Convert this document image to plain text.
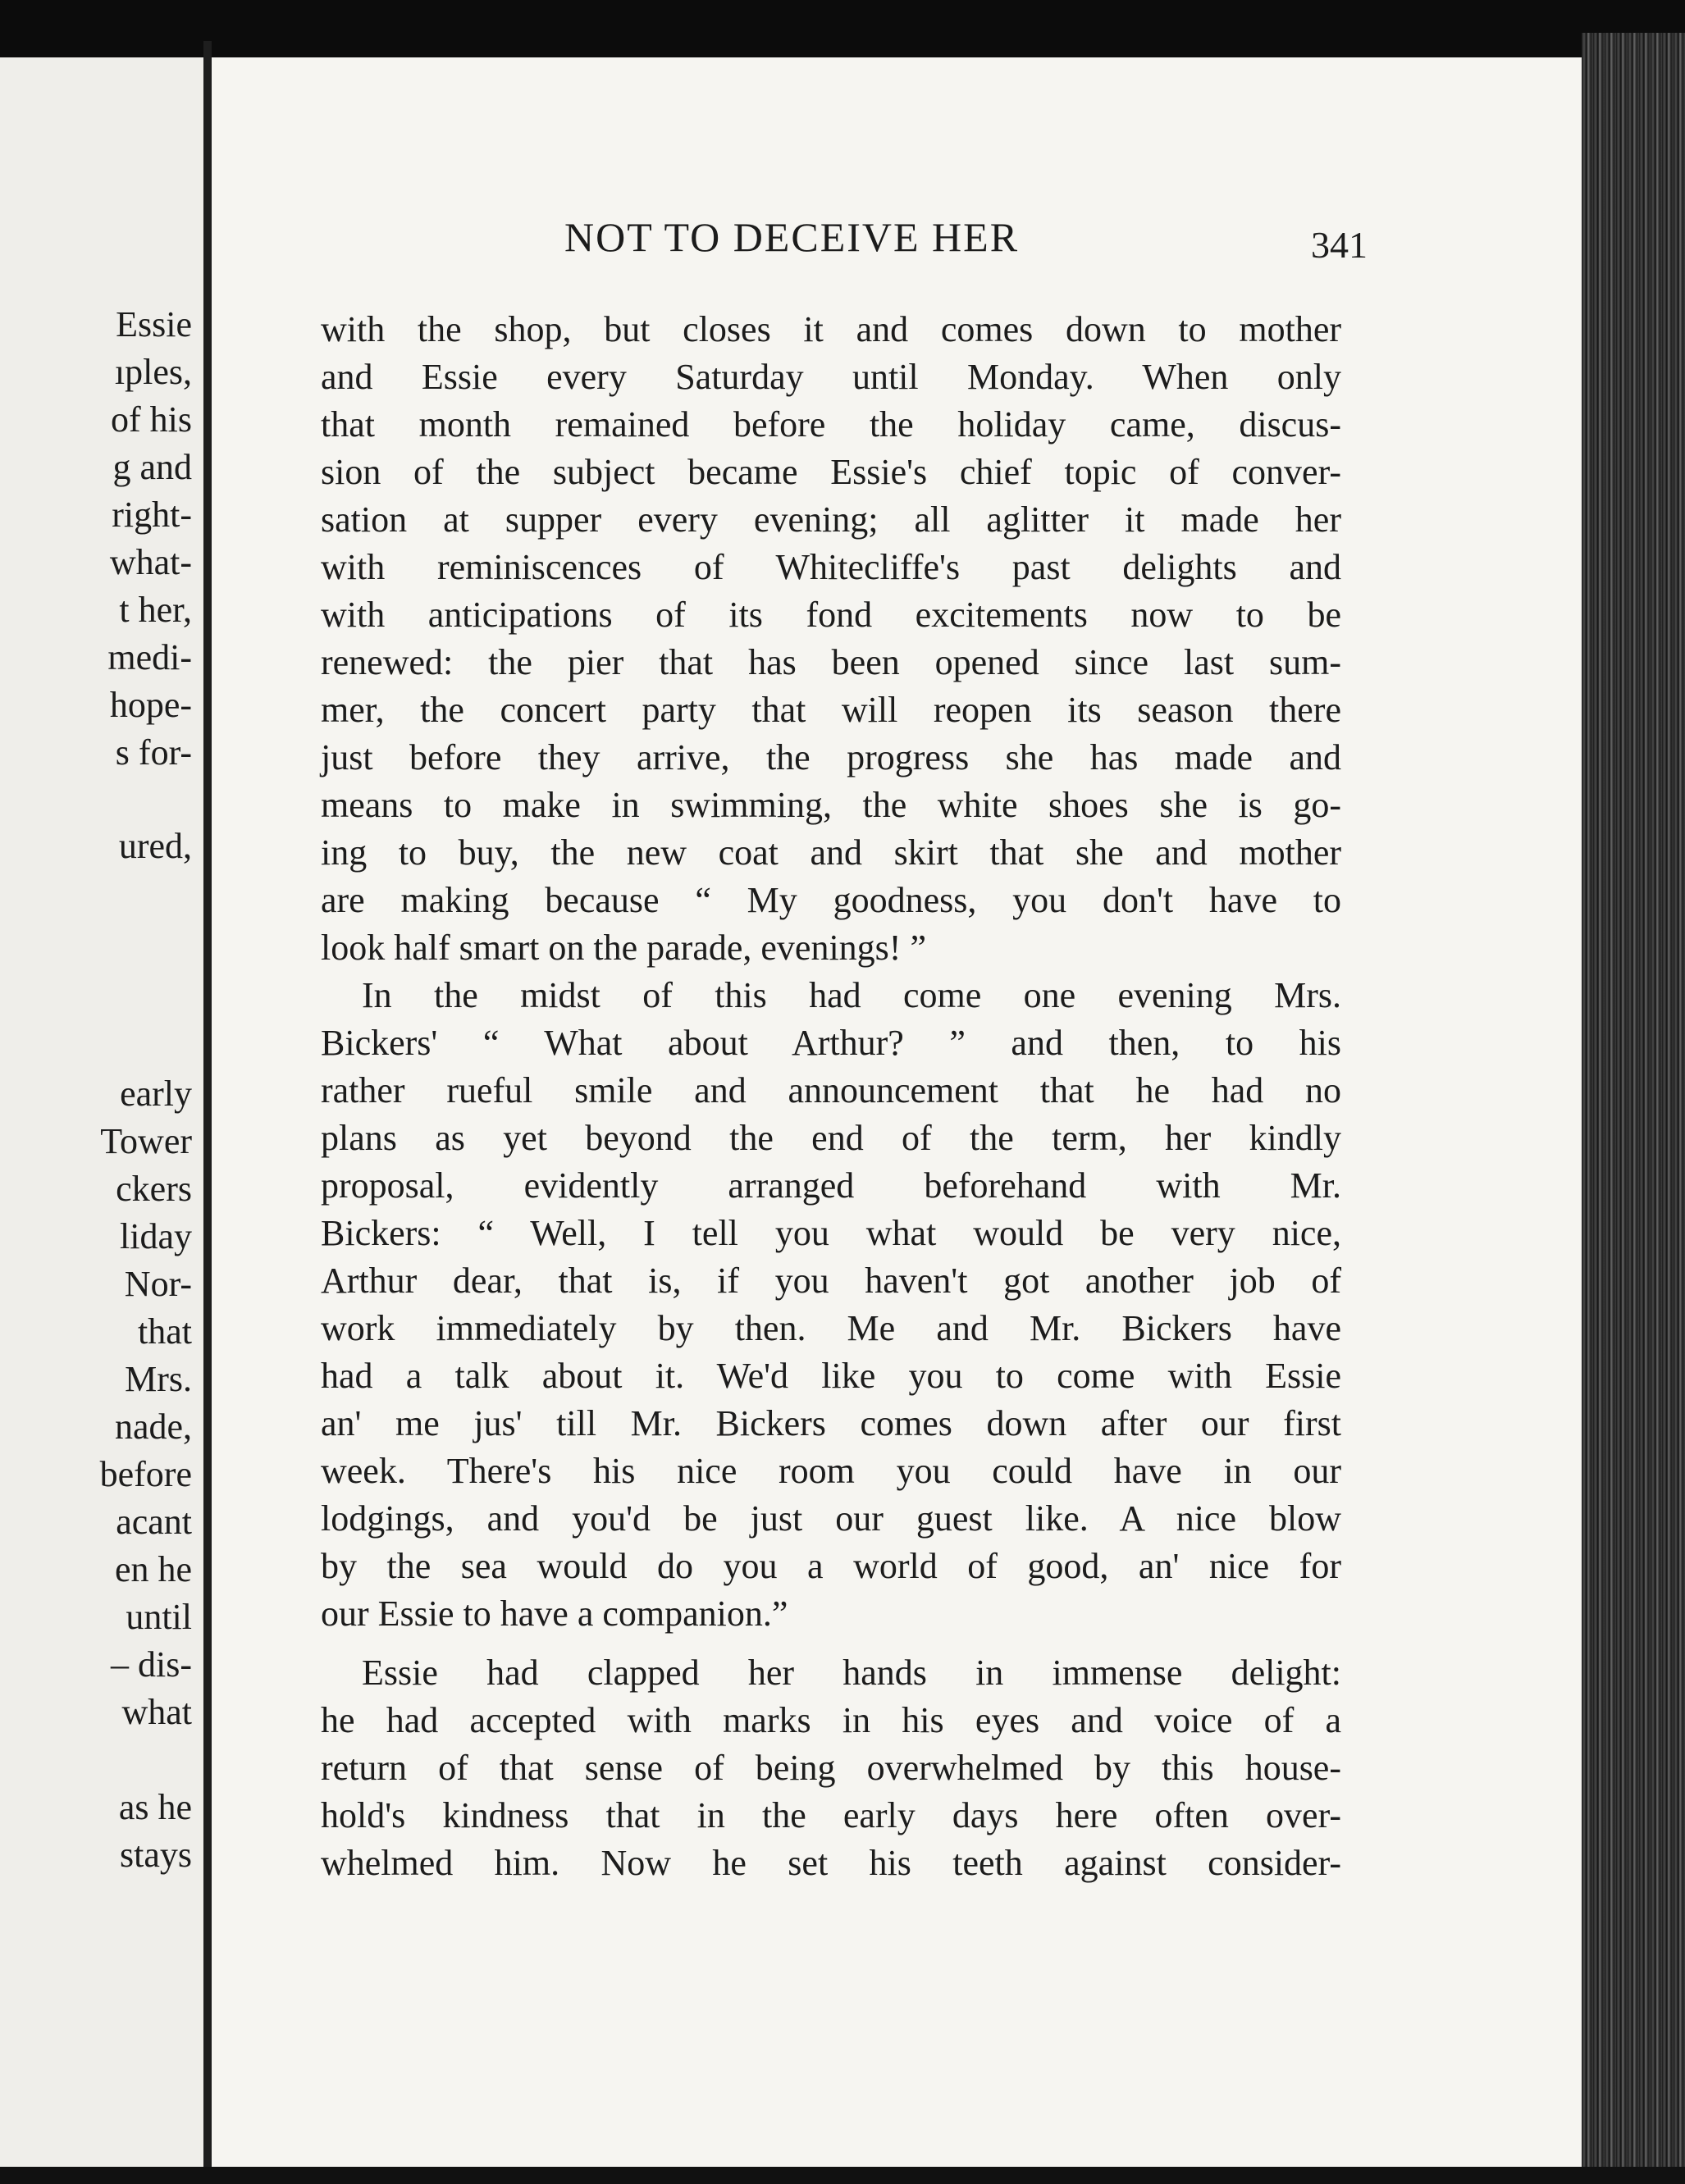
Essie
ıples,
of his
g and
right-
what-
t her,
medi-
hope-
s for-
ured,
early
Tower
ckers
liday
Nor-
that
Mrs.
nade,
before
acant
en he
until
– dis-
what
as he
stays
NOT TO DECEIVE HER	341
with the shop, but closes it and comes down to mother
and Essie every Saturday until Monday. When only
that month remained before the holiday came, discus-
sion of the subject became Essie's chief topic of conver-
sation at supper every evening; all aglitter it made her
with reminiscences of Whitecliffe's past delights and
with anticipations of its fond excitements now to be
renewed: the pier that has been opened since last sum-
mer, the concert party that will reopen its season there
just before they arrive, the progress she has made and
means to make in swimming, the white shoes she is go-
ing to buy, the new coat and skirt that she and mother
are making because “ My goodness, you don't have to
look half smart on the parade, evenings! ”
In the midst of this had come one evening Mrs.
Bickers' “ What about Arthur? ” and then, to his
rather rueful smile and announcement that he had no
plans as yet beyond the end of the term, her kindly
proposal, evidently arranged beforehand with Mr.
Bickers: “ Well, I tell you what would be very nice,
Arthur dear, that is, if you haven't got another job of
work immediately by then. Me and Mr. Bickers have
had a talk about it. We'd like you to come with Essie
an' me jus' till Mr. Bickers comes down after our first
week. There's his nice room you could have in our
lodgings, and you'd be just our guest like. A nice blow
by the sea would do you a world of good, an' nice for
our Essie to have a companion.”
Essie had clapped her hands in immense delight:
he had accepted with marks in his eyes and voice of a
return of that sense of being overwhelmed by this house-
hold's kindness that in the early days here often over-
whelmed him. Now he set his teeth against consider-
